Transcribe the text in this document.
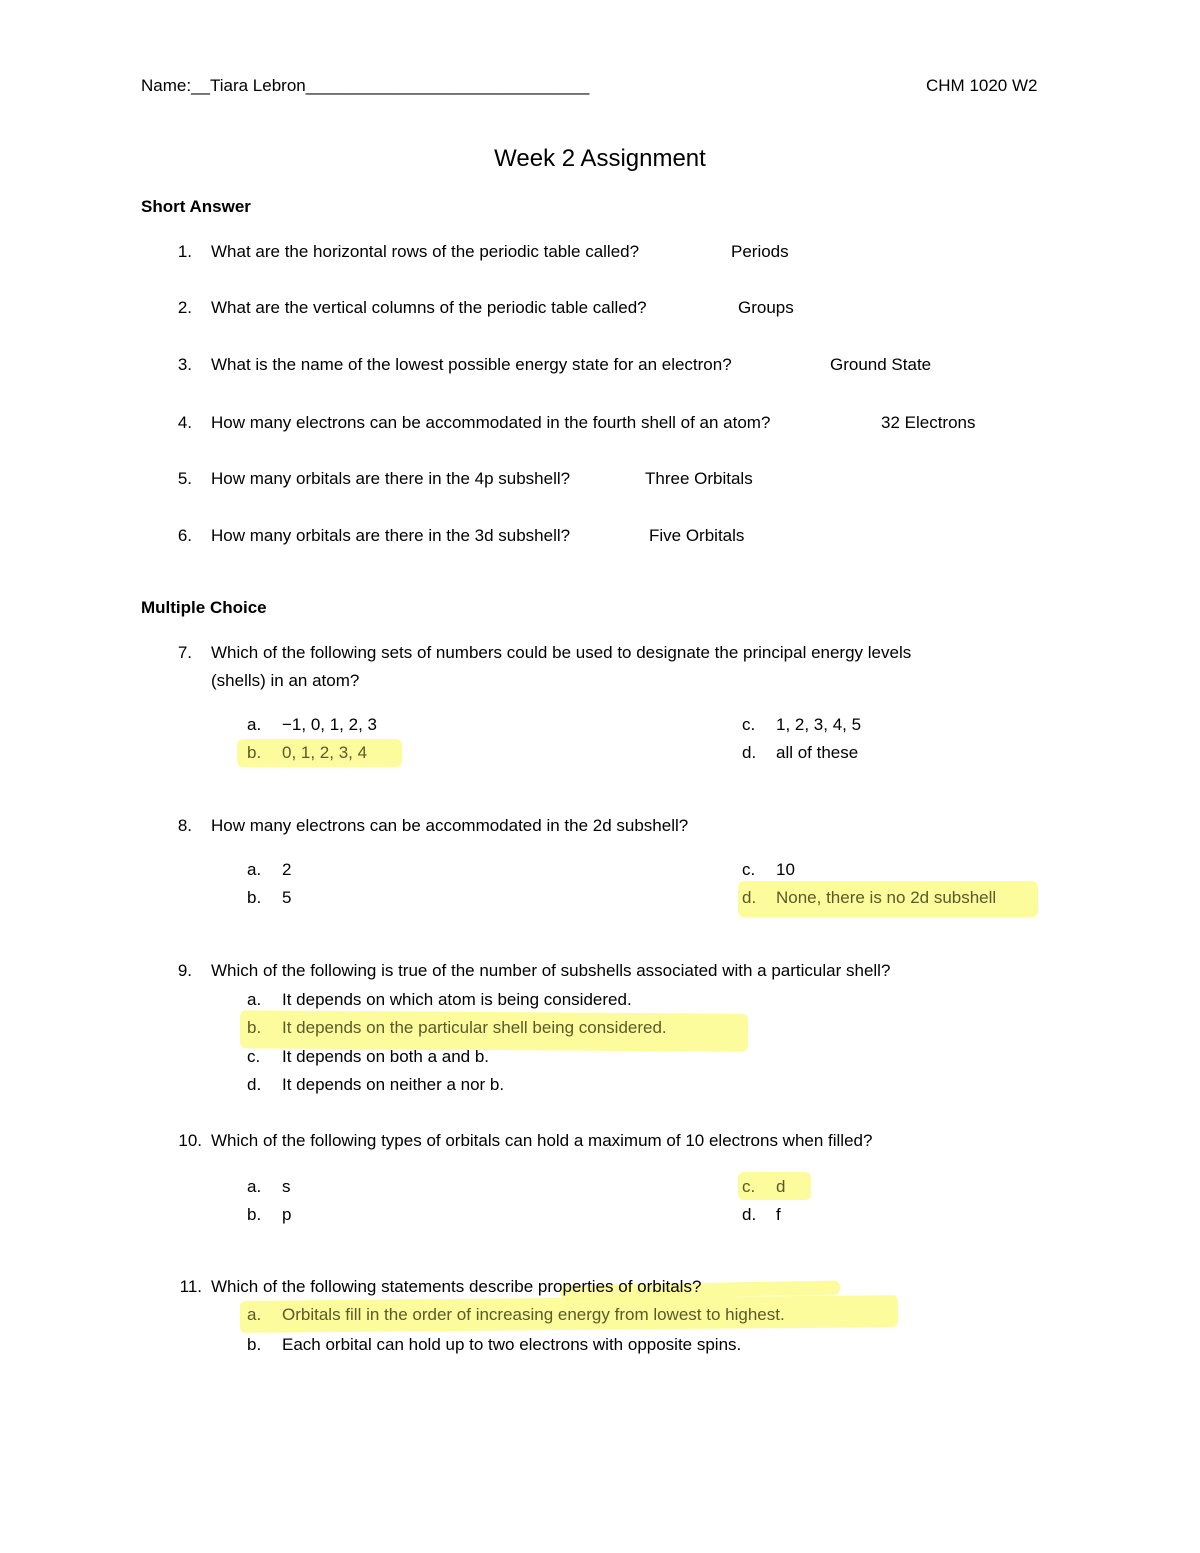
Name:__Tiara Lebron______________________________	CHM 1020 W2
Week 2 Assignment
Short Answer
1. What are the horizontal rows of the periodic table called?	Periods
2. What are the vertical columns of the periodic table called?	Groups
3. What is the name of the lowest possible energy state for an electron?	Ground State
4. How many electrons can be accommodated in the fourth shell of an atom?	32 Electrons
5. How many orbitals are there in the 4p subshell?	Three Orbitals
6. How many orbitals are there in the 3d subshell?	Five Orbitals
Multiple Choice
7. Which of the following sets of numbers could be used to designate the principal energy levels
(shells) in an atom?
a. −1, 0, 1, 2, 3
b. 0, 1, 2, 3, 4
c. 1, 2, 3, 4, 5
d. all of these
8. How many electrons can be accommodated in the 2d subshell?
a. 2
b. 5
c. 10
d. None, there is no 2d subshell
9. Which of the following is true of the number of subshells associated with a particular shell?
a. It depends on which atom is being considered.
b. It depends on the particular shell being considered.
c. It depends on both a and b.
d. It depends on neither a nor b.
10. Which of the following types of orbitals can hold a maximum of 10 electrons when filled?
a. s
b. p
c. d
d. f
11. Which of the following statements describe properties of orbitals?
a. Orbitals fill in the order of increasing energy from lowest to highest.
b. Each orbital can hold up to two electrons with opposite spins.
